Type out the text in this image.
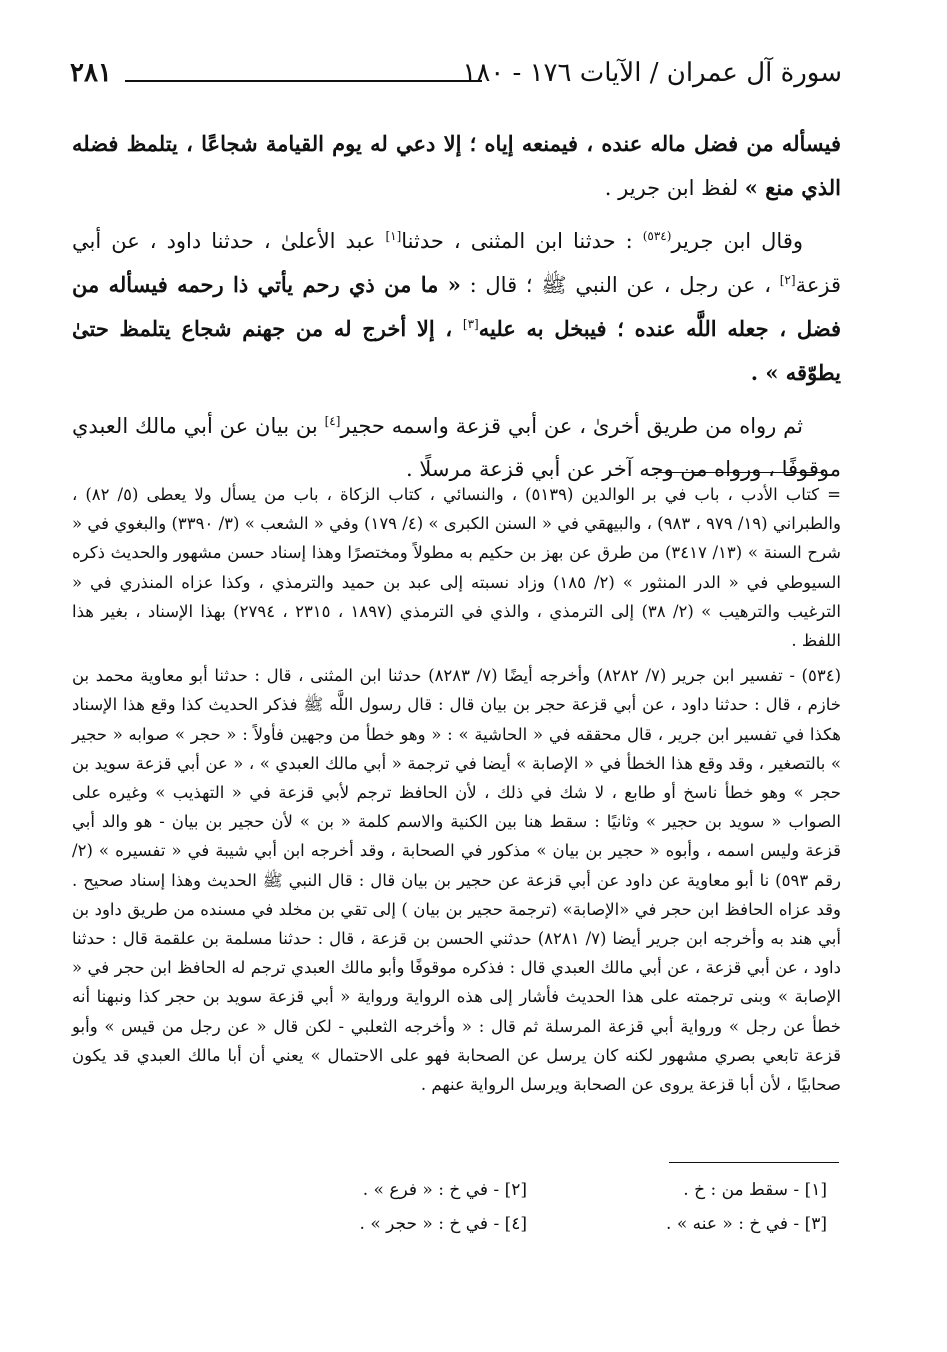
سورة آل عمران / الآيات ١٧٦ - ١٨٠
٢٨١

فيسأله من فضل ماله عنده ، فيمنعه إياه ؛ إلا دعي له يوم القيامة شجاعًا ، يتلمظ فضله الذي منع » لفظ ابن جرير .

وقال ابن جرير$^{(٥٣٤)}$ : حدثنا ابن المثنى ، حدثنا[١] عبد الأعلىٰ ، حدثنا داود ، عن أبي قزعة[٢] ، عن رجل ، عن النبي ﷺ ؛ قال : « ما من ذي رحم يأتي ذا رحمه فيسأله من فضل ، جعله اللَّه عنده ؛ فيبخل به عليه[٣] ، إلا أخرج له من جهنم شجاع يتلمظ حتىٰ يطوّقه » .

ثم رواه من طريق أخرىٰ ، عن أبي قزعة واسمه حجير[٤] بن بيان عن أبي مالك العبدي موقوفًا ، ورواه من وجه آخر عن أبي قزعة مرسلًا .

= كتاب الأدب ، باب في بر الوالدين (٥١٣٩) ، والنسائي ، كتاب الزكاة ، باب من يسأل ولا يعطى (٥/ ٨٢) ، والطبراني (١٩/ ٩٧٩ ، ٩٨٣) ، والبيهقي في « السنن الكبرى » (٤/ ١٧٩) وفي « الشعب » (٣/ ٣٣٩٠) والبغوي في « شرح السنة » (١٣/ ٣٤١٧) من طرق عن بهز بن حكيم به مطولاً ومختصرًا وهذا إسناد حسن مشهور والحديث ذكره السيوطي في « الدر المنثور » (٢/ ١٨٥) وزاد نسبته إلى عبد بن حميد والترمذي ، وكذا عزاه المنذري في « الترغيب والترهيب » (٢/ ٣٨) إلى الترمذي ، والذي في الترمذي (١٨٩٧ ، ٢٣١٥ ، ٢٧٩٤) بهذا الإسناد ، بغير هذا اللفظ .

(٥٣٤) - تفسير ابن جرير (٧/ ٨٢٨٢) وأخرجه أيضًا (٧/ ٨٢٨٣) حدثنا ابن المثنى ، قال : حدثنا أبو معاوية محمد بن خازم ، قال : حدثنا داود ، عن أبي قزعة حجر بن بيان قال : قال رسول اللَّه ﷺ فذكر الحديث كذا وقع هذا الإسناد هكذا في تفسير ابن جرير ، قال محققه في « الحاشية » : « وهو خطأ من وجهين فأولاً : « حجر » صوابه « حجير » بالتصغير ، وقد وقع هذا الخطأ في « الإصابة » أيضا في ترجمة « أبي مالك العبدي » ، « عن أبي قزعة سويد بن حجر » وهو خطأ ناسخ أو طابع ، لا شك في ذلك ، لأن الحافظ ترجم لأبي قزعة في « التهذيب » وغيره على الصواب « سويد بن حجير » وثانيًا : سقط هنا بين الكنية والاسم كلمة « بن » لأن حجير بن بيان - هو والد أبي قزعة وليس اسمه ، وأبوه « حجير بن بيان » مذكور في الصحابة ، وقد أخرجه ابن أبي شيبة في « تفسيره » (٢/ رقم ٥٩٣) نا أبو معاوية عن داود عن أبي قزعة عن حجير بن بيان قال : قال النبي ﷺ الحديث وهذا إسناد صحيح . وقد عزاه الحافظ ابن حجر في «الإصابة» (ترجمة حجير بن بيان ) إلى تقي بن مخلد في مسنده من طريق داود بن أبي هند به وأخرجه ابن جرير أيضا (٧/ ٨٢٨١) حدثني الحسن بن قزعة ، قال : حدثنا مسلمة بن علقمة قال : حدثنا داود ، عن أبي قزعة ، عن أبي مالك العبدي قال : فذكره موقوفًا وأبو مالك العبدي ترجم له الحافظ ابن حجر في « الإصابة » وبنى ترجمته على هذا الحديث فأشار إلى هذه الرواية ورواية « أبي قزعة سويد بن حجر كذا ونبهنا أنه خطأ عن رجل » ورواية أبي قزعة المرسلة ثم قال : « وأخرجه الثعلبي - لكن قال « عن رجل من قيس » وأبو قزعة تابعي بصري مشهور لكنه كان يرسل عن الصحابة فهو على الاحتمال » يعني أن أبا مالك العبدي قد يكون صحابيًا ، لأن أبا قزعة يروى عن الصحابة ويرسل الرواية عنهم .

[١] - سقط من : خ .
[٢] - في خ : « فرع » .
[٣] - في خ : « عنه » .
[٤] - في خ : « حجر » .
